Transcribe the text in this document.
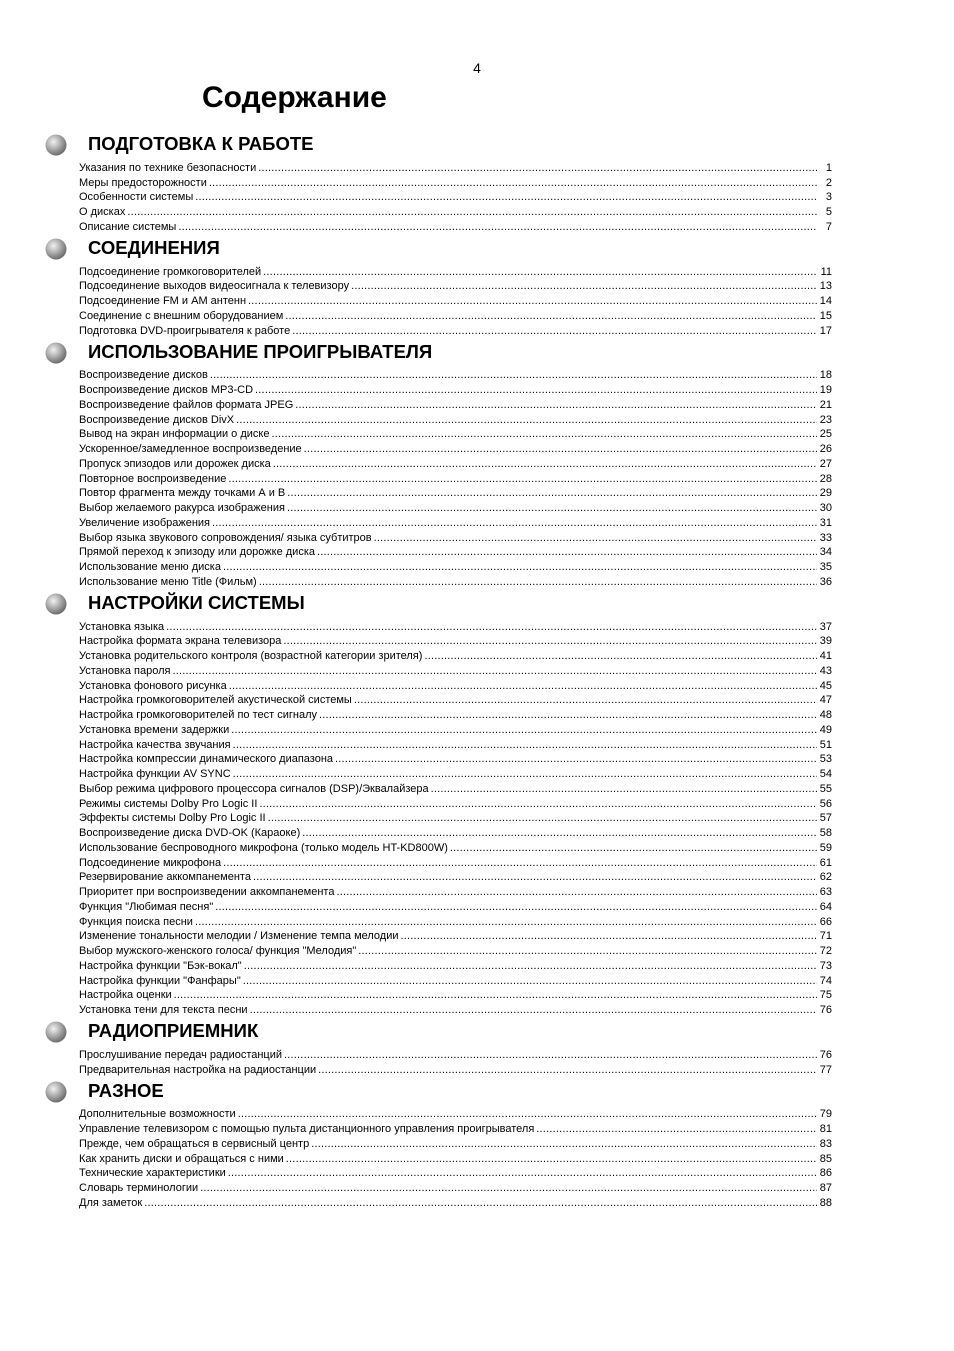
4
Содержание
ПОДГОТОВКА К РАБОТЕ
Указания по технике безопасности .....	1
Меры предосторожности .....	2
Особенности системы .....	3
О дисках .....	5
Описание системы .....	7
СОЕДИНЕНИЯ
Подсоединение громкоговорителей .....	11
Подсоединение выходов видеосигнала к телевизору .....	13
Подсоединение FM и AM антенн .....	14
Соединение с внешним оборудованием .....	15
Подготовка DVD-проигрывателя к работе .....	17
ИСПОЛЬЗОВАНИЕ ПРОИГРЫВАТЕЛЯ
Воспроизведение дисков .....	18
Воспроизведение дисков MP3-CD .....	19
Воспроизведение файлов формата JPEG .....	21
Воспроизведение дисков DivX .....	23
Вывод на экран информации о диске .....	25
Ускоренное/замедленное воспроизведение .....	26
Пропуск эпизодов или дорожек диска .....	27
Повторное воспроизведение .....	28
Повтор фрагмента между точками А и В .....	29
Выбор желаемого ракурса изображения .....	30
Увеличение изображения .....	31
Выбор языка звукового сопровождения/ языка субтитров .....	33
Прямой переход к эпизоду или дорожке диска .....	34
Использование меню диска .....	35
Использование меню Title (Фильм) .....	36
НАСТРОЙКИ СИСТЕМЫ
Установка языка .....	37
Настройка формата экрана телевизора .....	39
Установка родительского контроля (возрастной категории зрителя) .....	41
Установка пароля .....	43
Установка фонового рисунка .....	45
Настройка громкоговорителей акустической системы .....	47
Настройка громкоговорителей по тест сигналу .....	48
Установка времени задержки .....	49
Настройка качества звучания .....	51
Настройка компрессии динамического диапазона .....	53
Настройка функции AV SYNC .....	54
Выбор режима цифрового процессора сигналов (DSP)/Эквалайзера .....	55
Режимы системы Dolby Pro Logic II .....	56
Эффекты системы Dolby Pro Logic II .....	57
Воспроизведение диска DVD-OK (Караоке) .....	58
Использование беспроводного микрофона (только модель HT-KD800W) .....	59
Подсоединение микрофона .....	61
Резервирование аккомпанемента .....	62
Приоритет при воспроизведении аккомпанемента .....	63
Функция "Любимая песня" .....	64
Функция поиска песни .....	66
Изменение тональности мелодии / Изменение темпа мелодии .....	71
Выбор мужского-женского голоса/ функция "Мелодия" .....	72
Настройка функции "Бэк-вокал" .....	73
Настройка функции "Фанфары" .....	74
Настройка оценки .....	75
Установка тени для текста песни .....	76
РАДИОПРИЕМНИК
Прослушивание передач радиостанций .....	76
Предварительная настройка на радиостанции .....	77
РАЗНОЕ
Дополнительные возможности .....	79
Управление телевизором с помощью пульта дистанционного управления проигрывателя .....	81
Прежде, чем обращаться в сервисный центр .....	83
Как хранить диски и обращаться с ними .....	85
Технические характеристики .....	86
Словарь терминологии .....	87
Для заметок .....	88
